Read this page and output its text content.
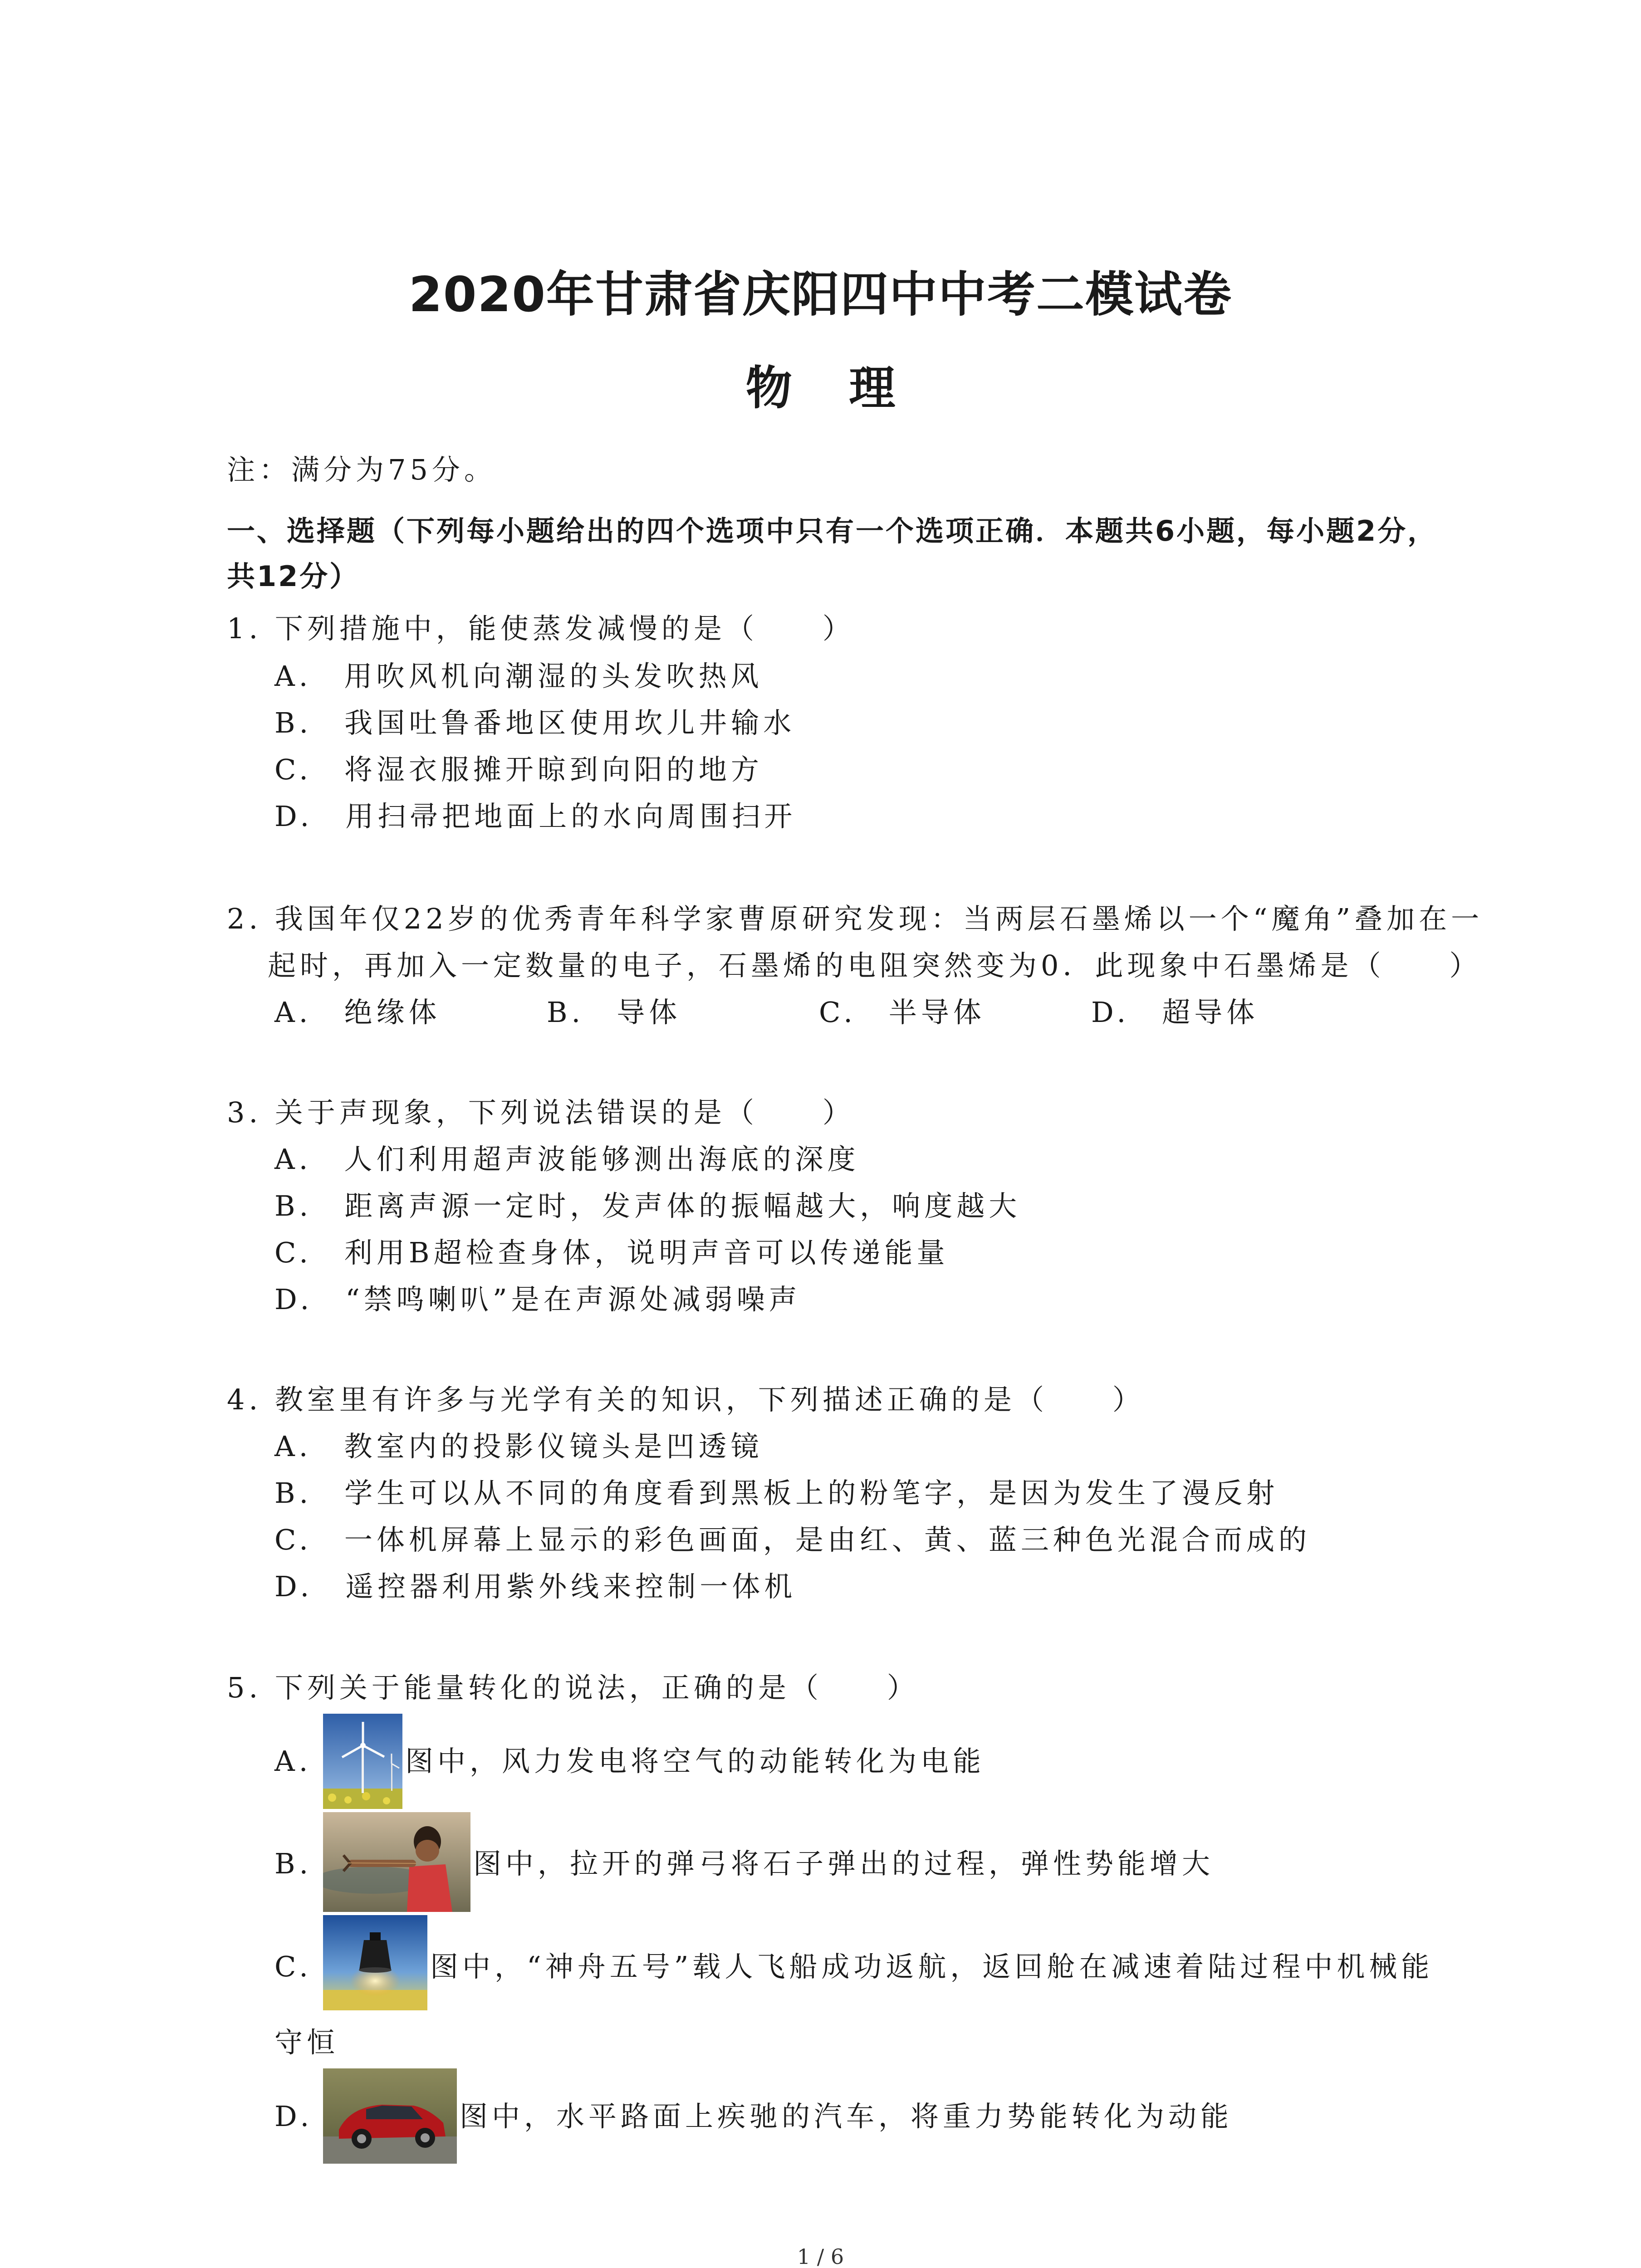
2020年甘肃省庆阳四中中考二模试卷
物 理
注：满分为75分。
一、选择题（下列每小题给出的四个选项中只有一个选项正确．本题共6小题，每小题2分，
共12分）
1. 下列措施中，能使蒸发减慢的是（　　）
A.　用吹风机向潮湿的头发吹热风
B.　我国吐鲁番地区使用坎儿井输水
C.　将湿衣服摊开晾到向阳的地方
D.　用扫帚把地面上的水向周围扫开
2. 我国年仅22岁的优秀青年科学家曹原研究发现：当两层石墨烯以一个“魔角”叠加在一
起时，再加入一定数量的电子，石墨烯的电阻突然变为0．此现象中石墨烯是（　　）
A.　绝缘体	B.　导体	C.　半导体	D.　超导体
3. 关于声现象，下列说法错误的是（　　）
A.　人们利用超声波能够测出海底的深度
B.　距离声源一定时，发声体的振幅越大，响度越大
C.　利用B超检查身体，说明声音可以传递能量
D.　“禁鸣喇叭”是在声源处减弱噪声
4. 教室里有许多与光学有关的知识，下列描述正确的是（　　）
A.　教室内的投影仪镜头是凹透镜
B.　学生可以从不同的角度看到黑板上的粉笔字，是因为发生了漫反射
C.　一体机屏幕上显示的彩色画面，是由红、黄、蓝三种色光混合而成的
D.　遥控器利用紫外线来控制一体机
5. 下列关于能量转化的说法，正确的是（　　）
A.	图中，风力发电将空气的动能转化为电能
B.	图中，拉开的弹弓将石子弹出的过程，弹性势能增大
C.	图中，“神舟五号”载人飞船成功返航，返回舱在减速着陆过程中机械能
守恒
D.	图中，水平路面上疾驰的汽车，将重力势能转化为动能
1 / 6
